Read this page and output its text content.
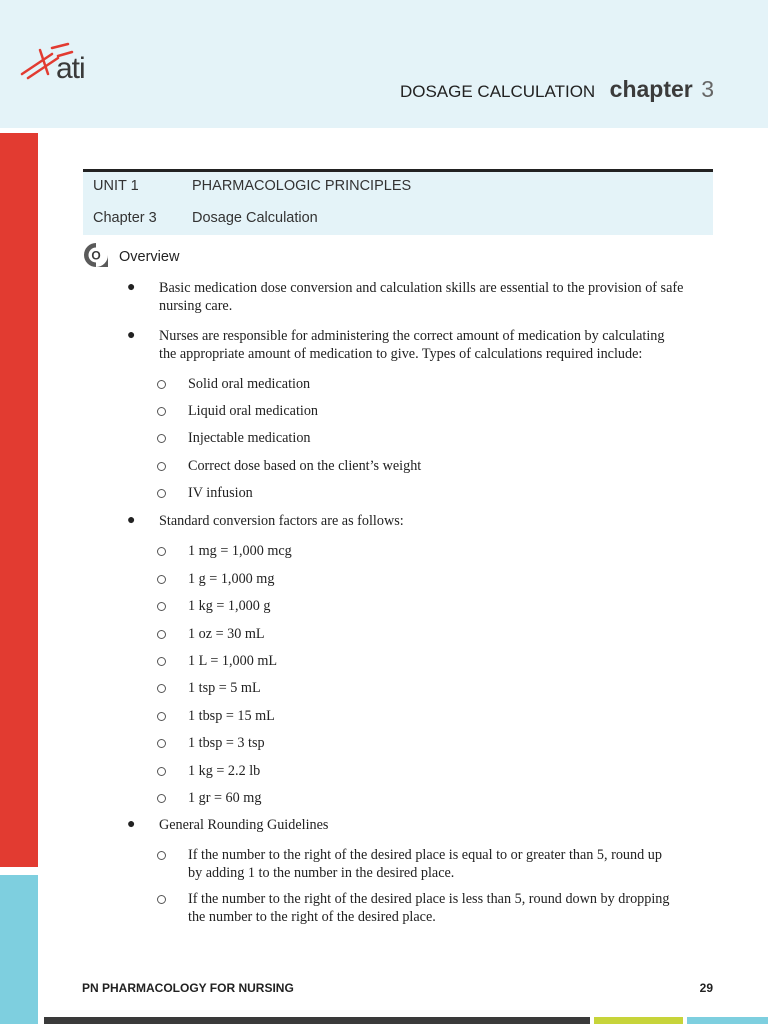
ati
DOSAGE CALCULATION chapter 3
UNIT 1	PHARMACOLOGIC PRINCIPLES
Chapter 3 Dosage Calculation
O Overview
● Basic medication dose conversion and calculation skills are essential to the provision of safe
nursing care.
● Nurses are responsible for administering the correct amount of medication by calculating
the appropriate amount of medication to give. Types of calculations required include:
Solid oral medication
Liquid oral medication
Injectable medication
Correct dose based on the client’s weight
IV infusion
● Standard conversion factors are as follows:
1 mg = 1,000 mcg
1 g = 1,000 mg
1 kg = 1,000 g
1 oz = 30 mL
1 L = 1,000 mL
1 tsp = 5 mL
1 tbsp = 15 mL
1 tbsp = 3 tsp
1 kg = 2.2 lb
1 gr = 60 mg
● General Rounding Guidelines
If the number to the right of the desired place is equal to or greater than 5, round up
by adding 1 to the number in the desired place.
If the number to the right of the desired place is less than 5, round down by dropping
the number to the right of the desired place.
PN PHARMACOLOGY FOR NURSING	29
